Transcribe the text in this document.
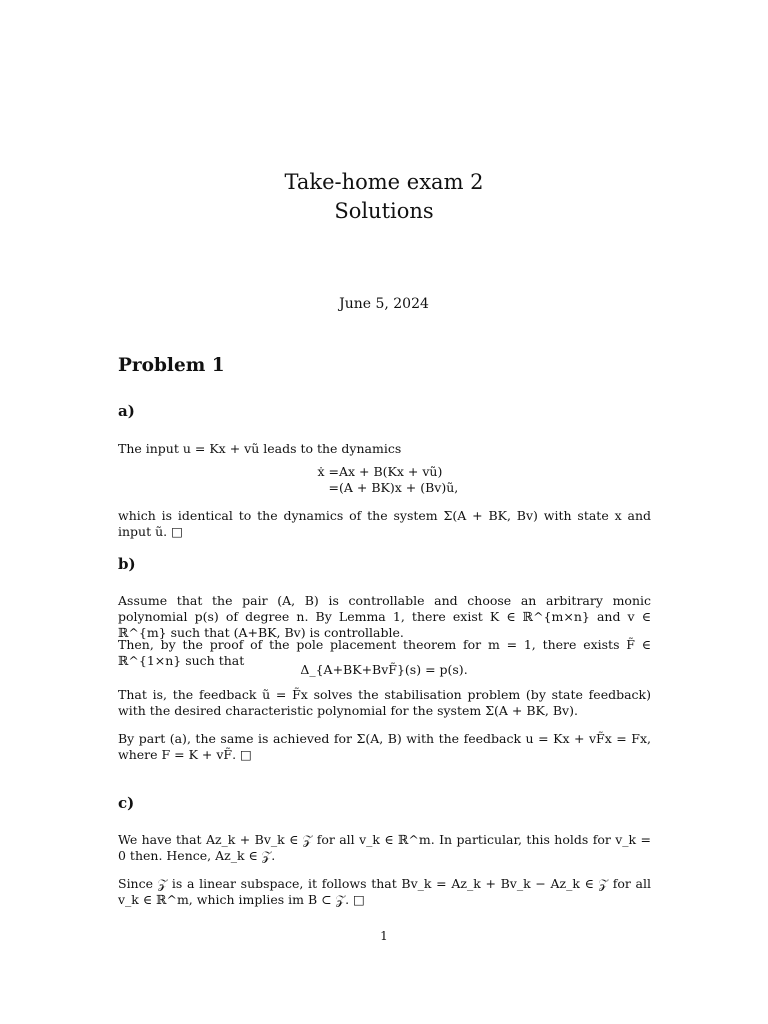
Take-home exam 2
Solutions
June 5, 2024
Problem 1
a)

The input u = Kx + vũ leads to the dynamics

ẋ = Ax + B(Kx + vũ)
= (A + BK)x + (Bv)ũ,

which is identical to the dynamics of the system Σ(A + BK, Bv) with state x and input ũ. □

b)

Assume that the pair (A, B) is controllable and choose an arbitrary monic polynomial p(s) of degree n. By Lemma 1, there exist K ∈ ℝ^{m×n} and v ∈ ℝ^{m} such that (A+BK, Bv) is controllable.

Then, by the proof of the pole placement theorem for m = 1, there exists F̃ ∈ ℝ^{1×n} such that

Δ_{A+BK+BvF̃}(s) = p(s).

That is, the feedback ũ = F̃x solves the stabilisation problem (by state feedback) with the desired characteristic polynomial for the system Σ(A + BK, Bv).

By part (a), the same is achieved for Σ(A, B) with the feedback u = Kx + vF̃x = Fx, where F = K + vF̃. □

c)

We have that Az_k + Bv_k ∈ 𝒵 for all v_k ∈ ℝ^m. In particular, this holds for v_k = 0 then. Hence, Az_k ∈ 𝒵.

Since 𝒵 is a linear subspace, it follows that Bv_k = Az_k + Bv_k − Az_k ∈ 𝒵 for all v_k ∈ ℝ^m, which implies im B ⊂ 𝒵. □

1
